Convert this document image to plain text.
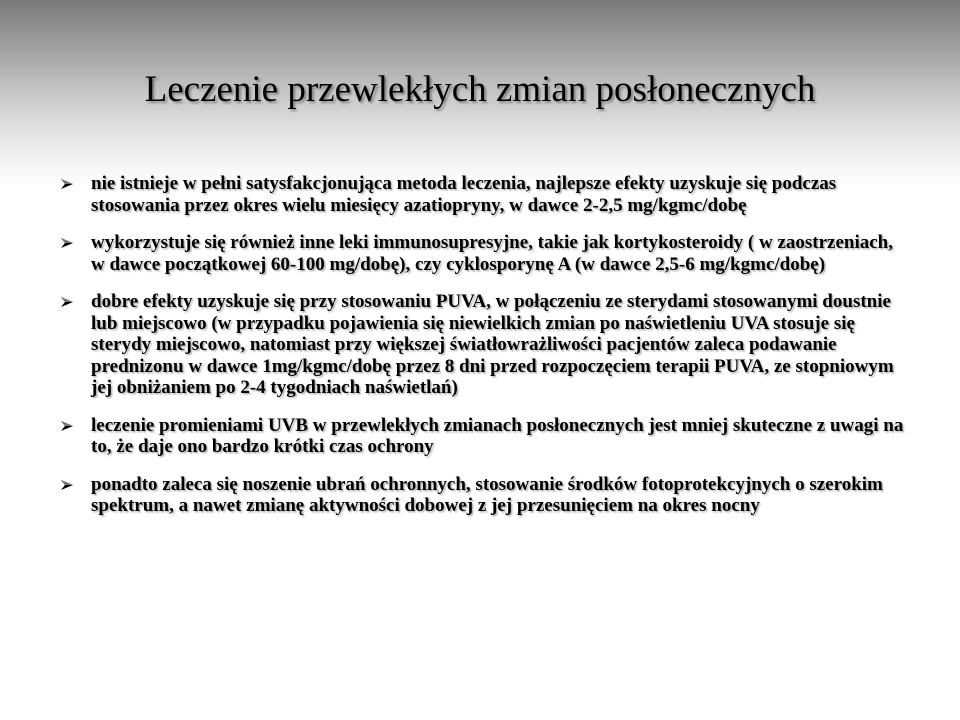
Leczenie przewlekłych zmian posłonecznych
nie istnieje w pełni satysfakcjonująca metoda leczenia, najlepsze efekty uzyskuje się podczas stosowania przez okres wielu miesięcy azatiopryny, w dawce 2-2,5 mg/kgmc/dobę
wykorzystuje się również inne leki immunosupresyjne, takie jak kortykosteroidy ( w zaostrzeniach, w dawce początkowej 60-100 mg/dobę), czy cyklosporynę A (w dawce 2,5-6 mg/kgmc/dobę)
dobre efekty uzyskuje się przy stosowaniu PUVA, w połączeniu ze sterydami stosowanymi doustnie lub miejscowo (w przypadku pojawienia się niewielkich zmian po naświetleniu UVA stosuje się sterydy miejscowo, natomiast przy większej światłowrażliwości pacjentów zaleca podawanie prednizonu w dawce 1mg/kgmc/dobę przez 8 dni przed rozpoczęciem terapii PUVA, ze stopniowym jej obniżaniem po 2-4 tygodniach naświetlań)
leczenie promieniami UVB w przewlekłych zmianach posłonecznych jest mniej skuteczne z uwagi na to, że daje ono bardzo krótki czas ochrony
ponadto zaleca się noszenie ubrań ochronnych, stosowanie środków fotoprotekcyjnych o szerokim spektrum, a nawet zmianę aktywności dobowej z jej przesunięciem na okres nocny
